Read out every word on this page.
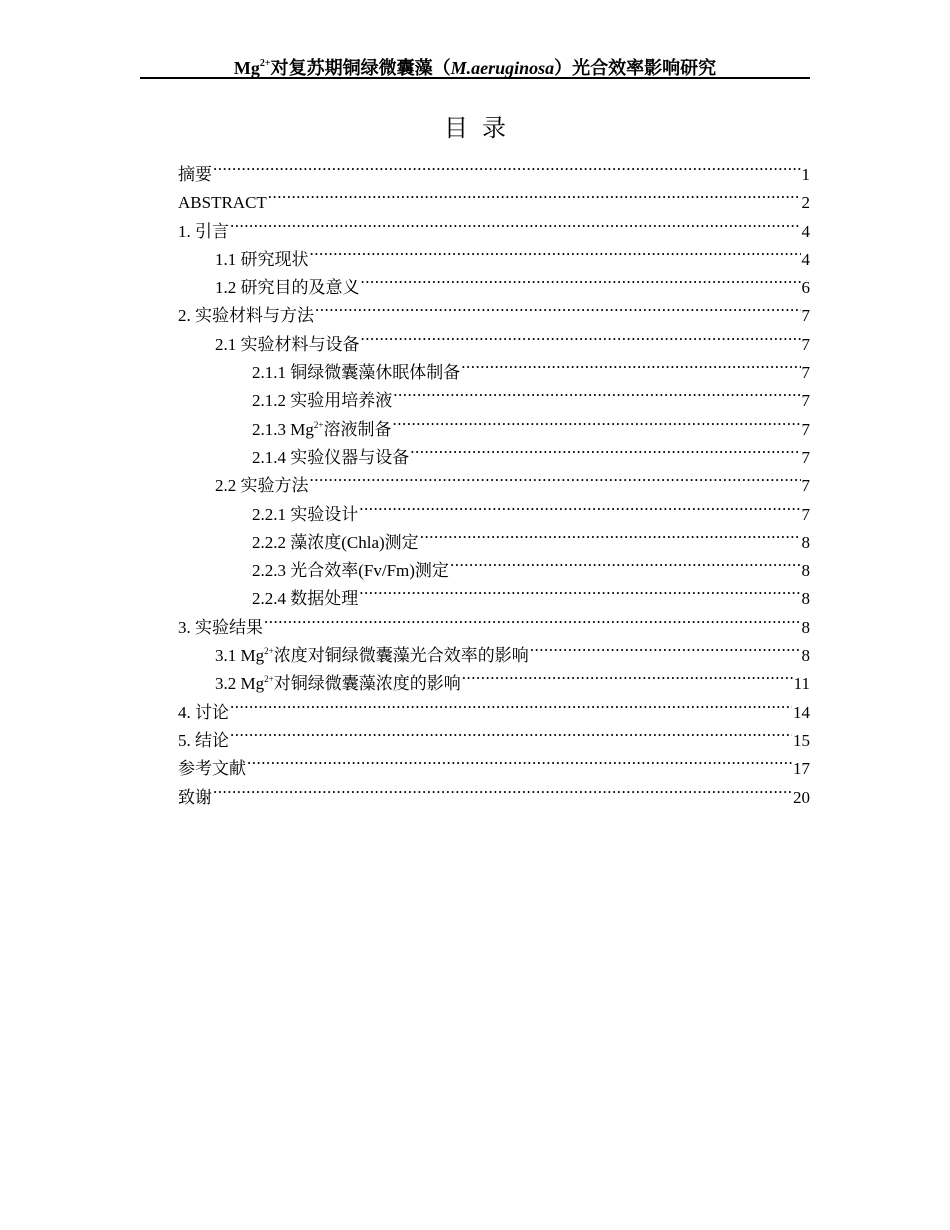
$Mg^{2+}$对复苏期铜绿微囊藻（M.aeruginosa）光合效率影响研究
目录
摘要 .....	1
ABSTRACT .....	2
1. 引言 .....	4
1.1 研究现状 .....	4
1.2 研究目的及意义 .....	6
2. 实验材料与方法 .....	7
2.1 实验材料与设备 .....	7
2.1.1 铜绿微囊藻休眠体制备 .....	7
2.1.2 实验用培养液 .....	7
2.1.3 $Mg^{2+}$溶液制备 .....	7
2.1.4 实验仪器与设备 .....	7
2.2 实验方法 .....	7
2.2.1 实验设计 .....	7
2.2.2 藻浓度(Chla)测定 .....	8
2.2.3 光合效率(Fv/Fm)测定 .....	8
2.2.4 数据处理 .....	8
3. 实验结果 .....	8
3.1 $Mg^{2+}$浓度对铜绿微囊藻光合效率的影响 .....	8
3.2 $Mg^{2+}$对铜绿微囊藻浓度的影响 .....	11
4. 讨论 .....	14
5. 结论 .....	15
参考文献 .....	17
致谢 .....	20
